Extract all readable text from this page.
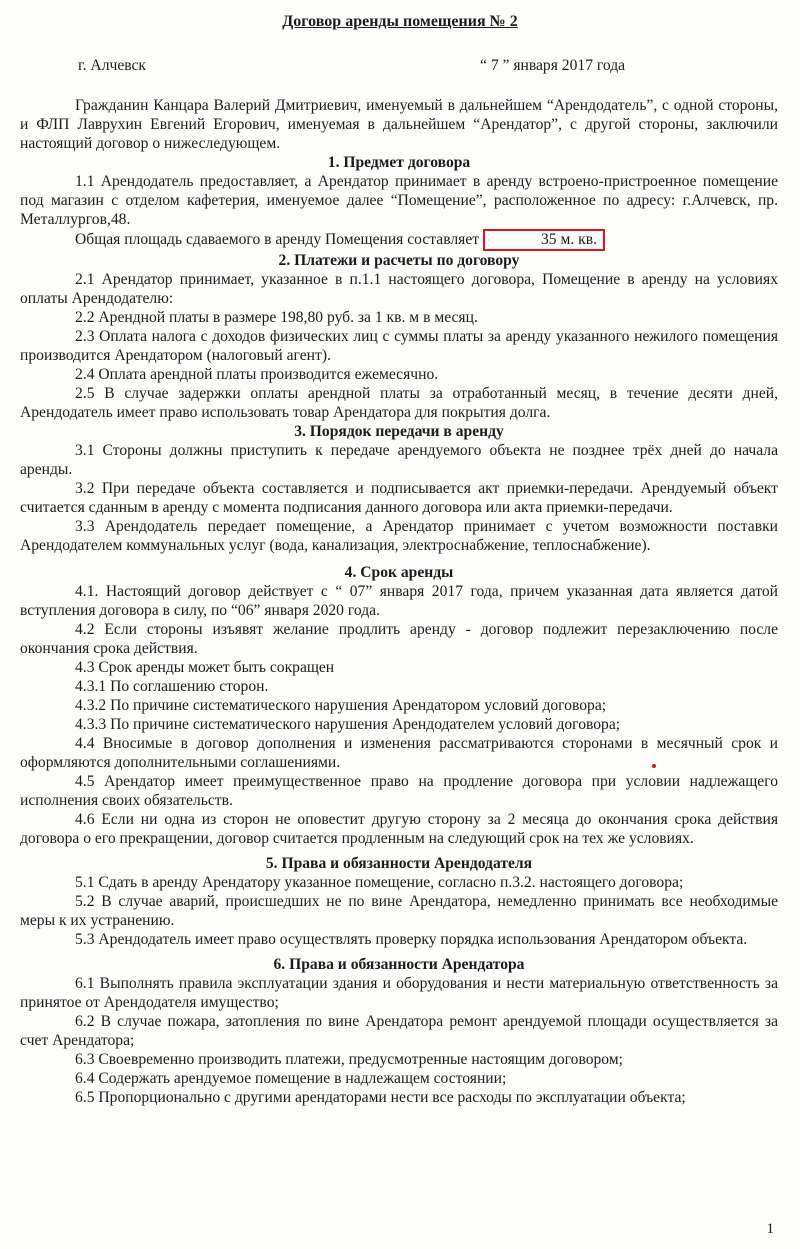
Договор аренды помещения № 2
г. Алчевск	“ 7 ” января 2017 года

Гражданин Канцара Валерий Дмитриевич, именуемый в дальнейшем “Арендодатель”, с одной стороны, и ФЛП Лаврухин Евгений Егорович, именуемая в дальнейшем “Арендатор”, с другой стороны, заключили настоящий договор о нижеследующем.

1. Предмет договора

1.1 Арендодатель предоставляет, а Арендатор принимает в аренду встроено-пристроенное помещение под магазин с отделом кафетерия, именуемое далее “Помещение”, расположенное по адресу: г.Алчевск, пр. Металлургов,48.

Общая площадь сдаваемого в аренду Помещения составляет	35 м. кв.

2. Платежи и расчеты по договору

2.1 Арендатор принимает, указанное в п.1.1 настоящего договора, Помещение в аренду на условиях оплаты Арендодателю:

2.2 Арендной платы в размере 198,80 руб. за 1 кв. м в месяц.

2.3 Оплата налога с доходов физических лиц с суммы платы за аренду указанного нежилого помещения производится Арендатором (налоговый агент).

2.4 Оплата арендной платы производится ежемесячно.

2.5 В случае задержки оплаты арендной платы за отработанный месяц, в течение десяти дней, Арендодатель имеет право использовать товар Арендатора для покрытия долга.

3. Порядок передачи в аренду

3.1 Стороны должны приступить к передаче арендуемого объекта не позднее трёх дней до начала аренды.

3.2 При передаче объекта составляется и подписывается акт приемки-передачи. Арендуемый объект считается сданным в аренду с момента подписания данного договора или акта приемки-передачи.

3.3 Арендодатель передает помещение, а Арендатор принимает с учетом возможности поставки Арендодателем коммунальных услуг (вода, канализация, электроснабжение, теплоснабжение).

4. Срок аренды

4.1. Настоящий договор действует с “ 07” января 2017 года, причем указанная дата является датой вступления договора в силу, по “06” января 2020 года.

4.2 Если стороны изъявят желание продлить аренду - договор подлежит перезаключению после окончания срока действия.

4.3 Срок аренды может быть сокращен

4.3.1 По соглашению сторон.

4.3.2 По причине систематического нарушения Арендатором условий договора;

4.3.3 По причине систематического нарушения Арендодателем условий договора;

4.4 Вносимые в договор дополнения и изменения рассматриваются сторонами в месячный срок и оформляются дополнительными соглашениями.

4.5 Арендатор имеет преимущественное право на продление договора при условии надлежащего исполнения своих обязательств.

4.6 Если ни одна из сторон не оповестит другую сторону за 2 месяца до окончания срока действия договора о его прекращении, договор считается продленным на следующий срок на тех же условиях.

5. Права и обязанности Арендодателя

5.1 Сдать в аренду Арендатору указанное помещение, согласно п.3.2. настоящего договора;

5.2 В случае аварий, происшедших не по вине Арендатора, немедленно принимать все необходимые меры к их устранению.

5.3 Арендодатель имеет право осуществлять проверку порядка использования Арендатором объекта.

6. Права и обязанности Арендатора

6.1 Выполнять правила эксплуатации здания и оборудования и нести материальную ответственность за принятое от Арендодателя имущество;

6.2 В случае пожара, затопления по вине Арендатора ремонт арендуемой площади осуществляется за счет Арендатора;

6.3 Своевременно производить платежи, предусмотренные настоящим договором;

6.4 Содержать арендуемое помещение в надлежащем состоянии;

6.5 Пропорционально с другими арендаторами нести все расходы по эксплуатации объекта;

1
